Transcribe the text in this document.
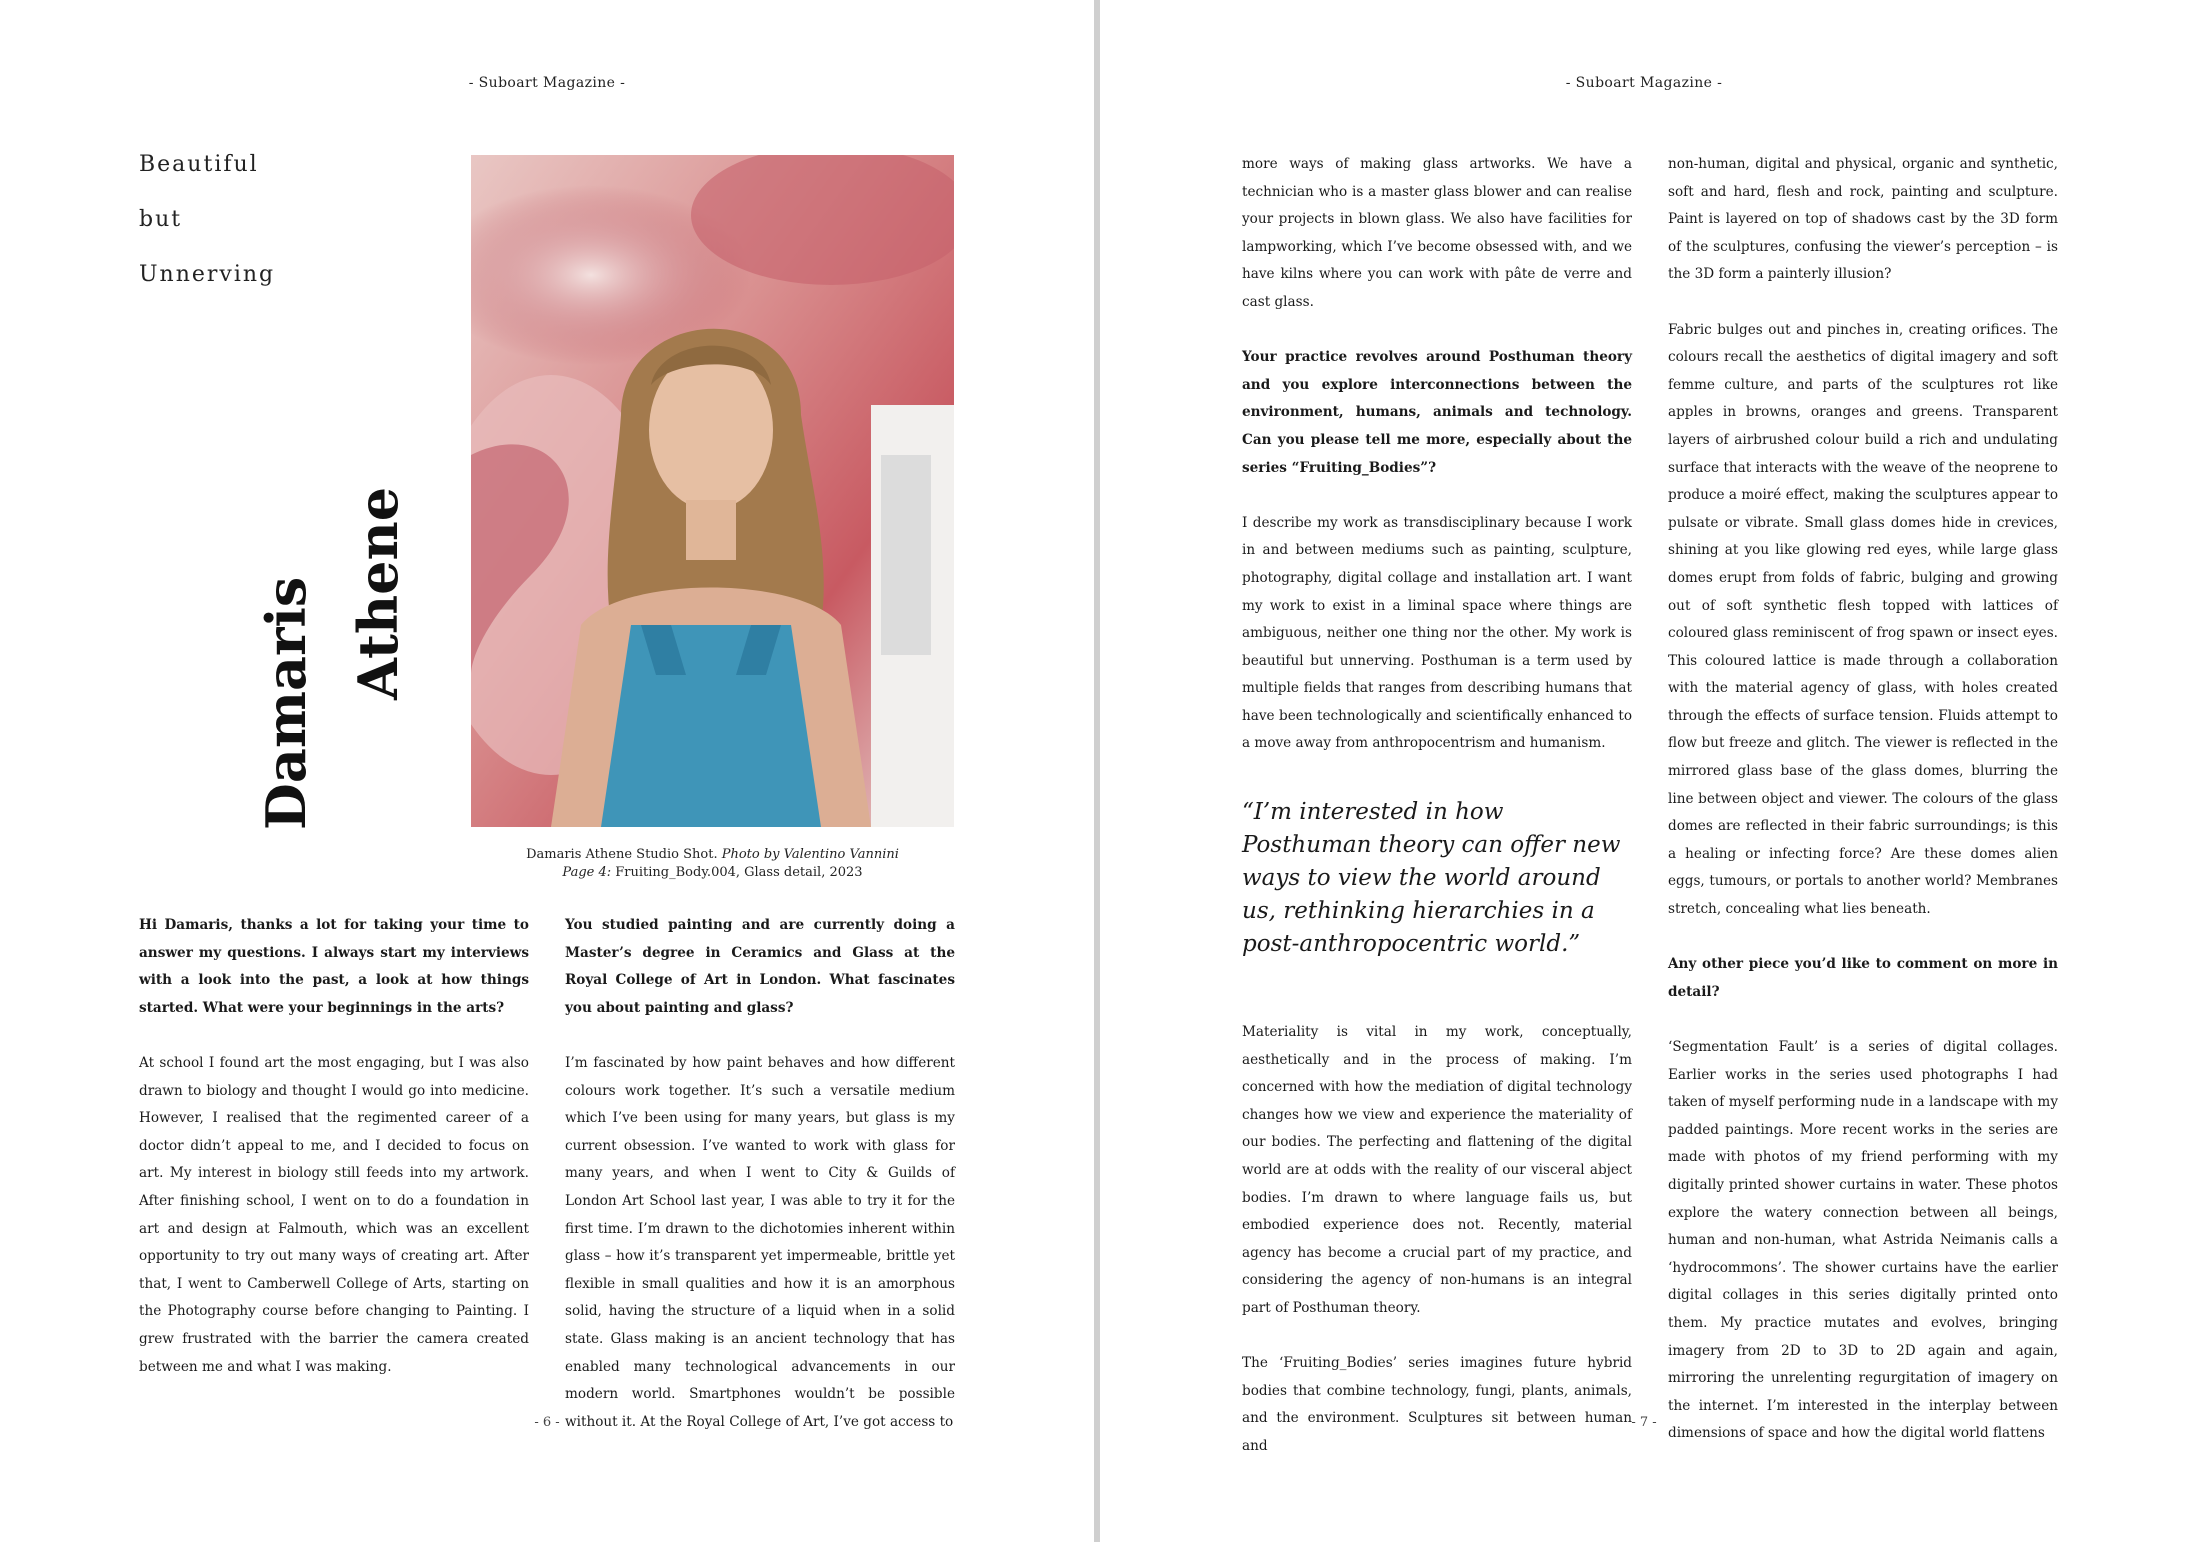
- Suboart Magazine -
Beautiful
but
Unnerving
Damaris Athene
Damaris Athene Studio Shot. Photo by Valentino Vannini
Page 4: Fruiting_Body.004, Glass detail, 2023

Hi Damaris, thanks a lot for taking your time to answer my questions. I always start my interviews with a look into the past, a look at how things started. What were your beginnings in the arts?

At school I found art the most engaging, but I was also drawn to biology and thought I would go into medicine. However, I realised that the regimented career of a doctor didn’t appeal to me, and I decided to focus on art. My interest in biology still feeds into my artwork. After finishing school, I went on to do a foundation in art and design at Falmouth, which was an excellent opportunity to try out many ways of creating art. After that, I went to Camberwell College of Arts, starting on the Photography course before changing to Painting. I grew frustrated with the barrier the camera created between me and what I was making.

You studied painting and are currently doing a Master’s degree in Ceramics and Glass at the Royal College of Art in London. What fascinates you about painting and glass?

I’m fascinated by how paint behaves and how different colours work together. It’s such a versatile medium which I’ve been using for many years, but glass is my current obsession. I’ve wanted to work with glass for many years, and when I went to City & Guilds of London Art School last year, I was able to try it for the first time. I’m drawn to the dichotomies inherent within glass – how it’s transparent yet impermeable, brittle yet flexible in small qualities and how it is an amorphous solid, having the structure of a liquid when in a solid state. Glass making is an ancient technology that has enabled many technological advancements in our modern world. Smartphones wouldn’t be possible without it. At the Royal College of Art, I’ve got access to

- 6 -
- Suboart Magazine -

more ways of making glass artworks. We have a technician who is a master glass blower and can realise your projects in blown glass. We also have facilities for lampworking, which I’ve become obsessed with, and we have kilns where you can work with pâte de verre and cast glass.

Your practice revolves around Posthuman theory and you explore interconnections between the environment, humans, animals and technology. Can you please tell me more, especially about the series “Fruiting_Bodies”?

I describe my work as transdisciplinary because I work in and between mediums such as painting, sculpture, photography, digital collage and installation art. I want my work to exist in a liminal space where things are ambiguous, neither one thing nor the other. My work is beautiful but unnerving. Posthuman is a term used by multiple fields that ranges from describing humans that have been technologically and scientifically enhanced to a move away from anthropocentrism and humanism.

“I’m interested in how Posthuman theory can offer new ways to view the world around us, rethinking hierarchies in a post-anthropocentric world.”

Materiality is vital in my work, conceptually, aesthetically and in the process of making. I’m concerned with how the mediation of digital technology changes how we view and experience the materiality of our bodies. The perfecting and flattening of the digital world are at odds with the reality of our visceral abject bodies. I’m drawn to where language fails us, but embodied experience does not. Recently, material agency has become a crucial part of my practice, and considering the agency of non-humans is an integral part of Posthuman theory.

The ‘Fruiting_Bodies’ series imagines future hybrid bodies that combine technology, fungi, plants, animals, and the environment. Sculptures sit between human and

non-human, digital and physical, organic and synthetic, soft and hard, flesh and rock, painting and sculpture. Paint is layered on top of shadows cast by the 3D form of the sculptures, confusing the viewer’s perception – is the 3D form a painterly illusion?

Fabric bulges out and pinches in, creating orifices. The colours recall the aesthetics of digital imagery and soft femme culture, and parts of the sculptures rot like apples in browns, oranges and greens. Transparent layers of airbrushed colour build a rich and undulating surface that interacts with the weave of the neoprene to produce a moiré effect, making the sculptures appear to pulsate or vibrate. Small glass domes hide in crevices, shining at you like glowing red eyes, while large glass domes erupt from folds of fabric, bulging and growing out of soft synthetic flesh topped with lattices of coloured glass reminiscent of frog spawn or insect eyes. This coloured lattice is made through a collaboration with the material agency of glass, with holes created through the effects of surface tension. Fluids attempt to flow but freeze and glitch. The viewer is reflected in the mirrored glass base of the glass domes, blurring the line between object and viewer. The colours of the glass domes are reflected in their fabric surroundings; is this a healing or infecting force? Are these domes alien eggs, tumours, or portals to another world? Membranes stretch, concealing what lies beneath.

Any other piece you’d like to comment on more in detail?

‘Segmentation Fault’ is a series of digital collages. Earlier works in the series used photographs I had taken of myself performing nude in a landscape with my padded paintings. More recent works in the series are made with photos of my friend performing with my digitally printed shower curtains in water. These photos explore the watery connection between all beings, human and non-human, what Astrida Neimanis calls a ‘hydrocommons’. The shower curtains have the earlier digital collages in this series digitally printed onto them. My practice mutates and evolves, bringing imagery from 2D to 3D to 2D again and again, mirroring the unrelenting regurgitation of imagery on the internet. I’m interested in the interplay between dimensions of space and how the digital world flattens

- 7 -
